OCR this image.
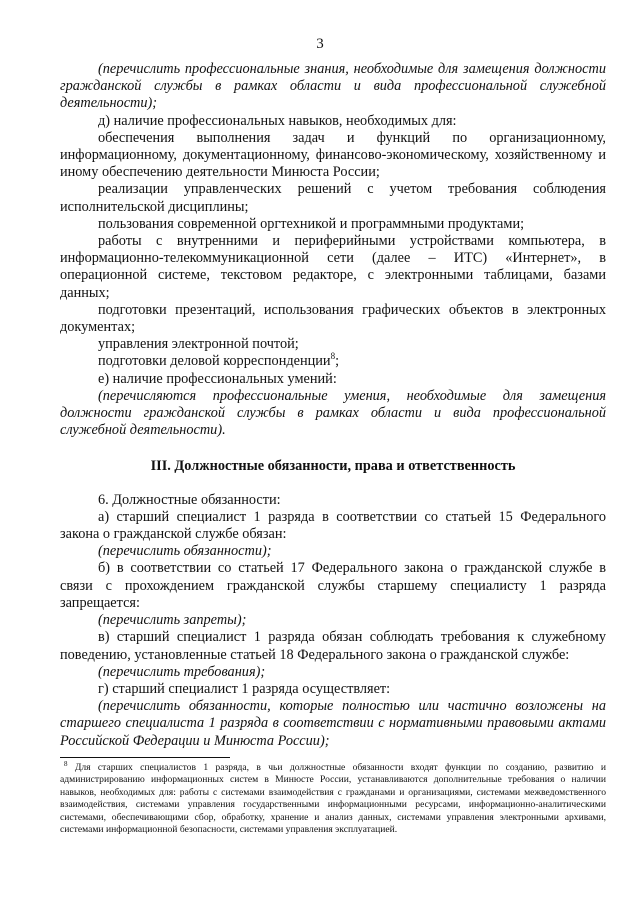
3

(перечислить профессиональные знания, необходимые для замещения должности гражданской службы в рамках области и вида профессиональной служебной деятельности);

д) наличие профессиональных навыков, необходимых для:

обеспечения выполнения задач и функций по организационному, информационному, документационному, финансово-экономическому, хозяйственному и иному обеспечению деятельности Минюста России;

реализации управленческих решений с учетом требования соблюдения исполнительской дисциплины;

пользования современной оргтехникой и программными продуктами;

работы с внутренними и периферийными устройствами компьютера, в информационно-телекоммуникационной сети (далее – ИТС) «Интернет», в операционной системе, текстовом редакторе, с электронными таблицами, базами данных;

подготовки презентаций, использования графических объектов в электронных документах;

управления электронной почтой;

подготовки деловой корреспонденции$^8$;

е) наличие профессиональных умений:

(перечисляются профессиональные умения, необходимые для замещения должности гражданской службы в рамках области и вида профессиональной служебной деятельности).

III. Должностные обязанности, права и ответственность

6. Должностные обязанности:

а) старший специалист 1 разряда в соответствии со статьей 15 Федерального закона о гражданской службе обязан:

(перечислить обязанности);

б) в соответствии со статьей 17 Федерального закона о гражданской службе в связи с прохождением гражданской службы старшему специалисту 1 разряда запрещается:

(перечислить запреты);

в) старший специалист 1 разряда обязан соблюдать требования к служебному поведению, установленные статьей 18 Федерального закона о гражданской службе:

(перечислить требования);

г) старший специалист 1 разряда осуществляет:

(перечислить обязанности, которые полностью или частично возложены на старшего специалиста 1 разряда в соответствии с нормативными правовыми актами Российской Федерации и Минюста России);

$^8$ Для старших специалистов 1 разряда, в чьи должностные обязанности входят функции по созданию, развитию и администрированию информационных систем в Минюсте России, устанавливаются дополнительные требования о наличии навыков, необходимых для: работы с системами взаимодействия с гражданами и организациями, системами межведомственного взаимодействия, системами управления государственными информационными ресурсами, информационно-аналитическими системами, обеспечивающими сбор, обработку, хранение и анализ данных, системами управления электронными архивами, системами информационной безопасности, системами управления эксплуатацией.
